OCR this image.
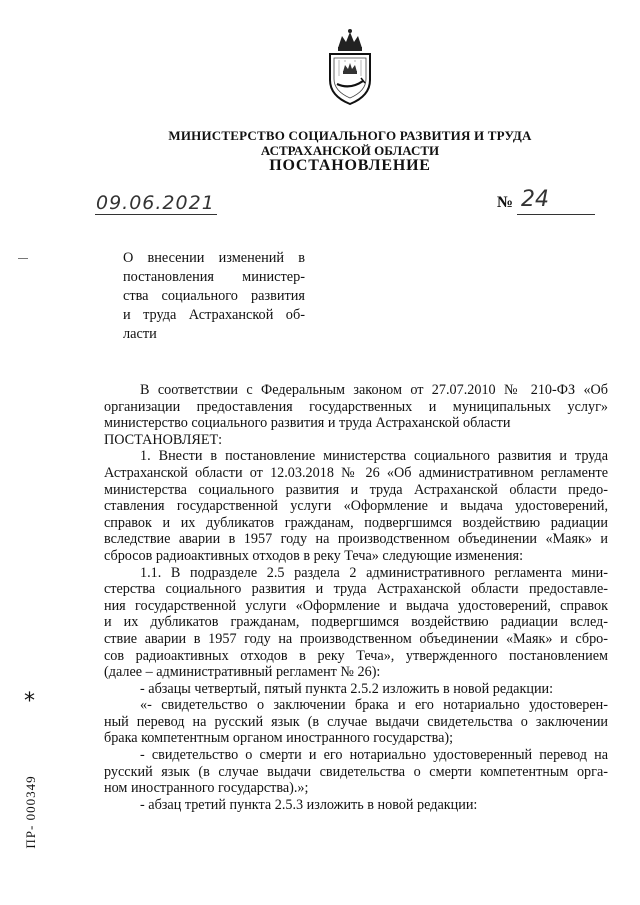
МИНИСТЕРСТВО СОЦИАЛЬНОГО РАЗВИТИЯ И ТРУДА
АСТРАХАНСКОЙ ОБЛАСТИ
ПОСТАНОВЛЕНИЕ
09.06.2021	№ 24
О внесении изменений в
постановления министер-
ства социального развития
и труда Астраханской об-
ласти
В соответствии с Федеральным законом от 27.07.2010 № 210-ФЗ «Об
организации предоставления государственных и муниципальных услуг»
министерство социального развития и труда Астраханской области
ПОСТАНОВЛЯЕТ:
1. Внести в постановление министерства социального развития и труда
Астраханской области от 12.03.2018 № 26 «Об административном регламенте
министерства социального развития и труда Астраханской области предо-
ставления государственной услуги «Оформление и выдача удостоверений,
справок и их дубликатов гражданам, подвергшимся воздействию радиации
вследствие аварии в 1957 году на производственном объединении «Маяк» и
сбросов радиоактивных отходов в реку Теча» следующие изменения:
1.1. В подразделе 2.5 раздела 2 административного регламента мини-
стерства социального развития и труда Астраханской области предоставле-
ния государственной услуги «Оформление и выдача удостоверений, справок
и их дубликатов гражданам, подвергшимся воздействию радиации вслед-
ствие аварии в 1957 году на производственном объединении «Маяк» и сбро-
сов радиоактивных отходов в реку Теча», утвержденного постановлением
(далее – административный регламент № 26):
- абзацы четвертый, пятый пункта 2.5.2 изложить в новой редакции:
«- свидетельство о заключении брака и его нотариально удостоверен-
ный перевод на русский язык (в случае выдачи свидетельства о заключении
брака компетентным органом иностранного государства);
- свидетельство о смерти и его нотариально удостоверенный перевод на
русский язык (в случае выдачи свидетельства о смерти компетентным орга-
ном иностранного государства).»;
- абзац третий пункта 2.5.3 изложить в новой редакции:
*
ПР- 000349
